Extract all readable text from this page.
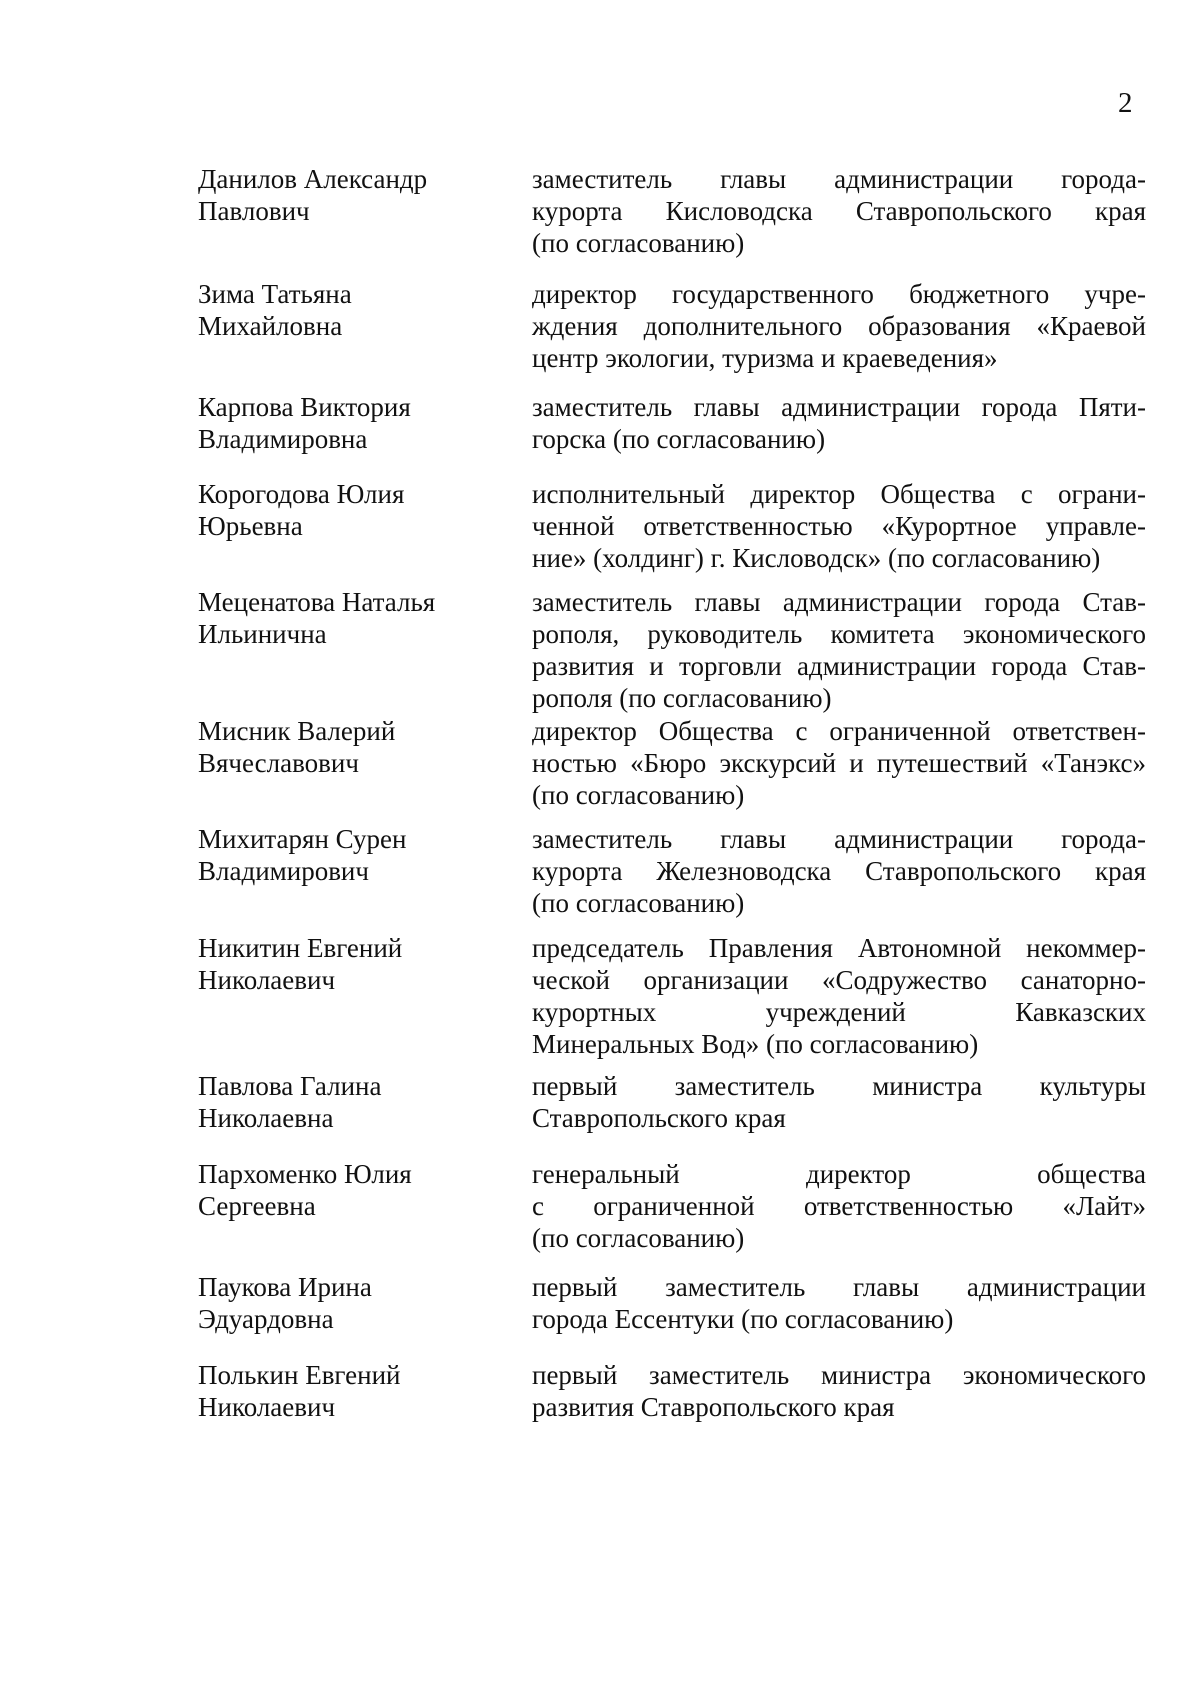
2
Данилов Александр
Павлович
заместитель главы администрации города-
курорта Кисловодска Ставропольского края
(по согласованию)
Зима Татьяна
Михайловна
директор государственного бюджетного учре-
ждения дополнительного образования «Краевой
центр экологии, туризма и краеведения»
Карпова Виктория
Владимировна
заместитель главы администрации города Пяти-
горска (по согласованию)
Корогодова Юлия
Юрьевна
исполнительный директор Общества с ограни-
ченной ответственностью «Курортное управле-
ние» (холдинг) г. Кисловодск» (по согласованию)
Меценатова Наталья
Ильинична
заместитель главы администрации города Став-
рополя, руководитель комитета экономического
развития и торговли администрации города Став-
рополя (по согласованию)
Мисник Валерий
Вячеславович
директор Общества с ограниченной ответствен-
ностью «Бюро экскурсий и путешествий «Танэкс»
(по согласованию)
Михитарян Сурен
Владимирович
заместитель главы администрации города-
курорта Железноводска Ставропольского края
(по согласованию)
Никитин Евгений
Николаевич
председатель Правления Автономной некоммер-
ческой организации «Содружество санаторно-
курортных учреждений Кавказских
Минеральных Вод» (по согласованию)
Павлова Галина
Николаевна
первый заместитель министра культуры
Ставропольского края
Пархоменко Юлия
Сергеевна
генеральный директор общества
с ограниченной ответственностью «Лайт»
(по согласованию)
Паукова Ирина
Эдуардовна
первый заместитель главы администрации
города Ессентуки (по согласованию)
Полькин Евгений
Николаевич
первый заместитель министра экономического
развития Ставропольского края
